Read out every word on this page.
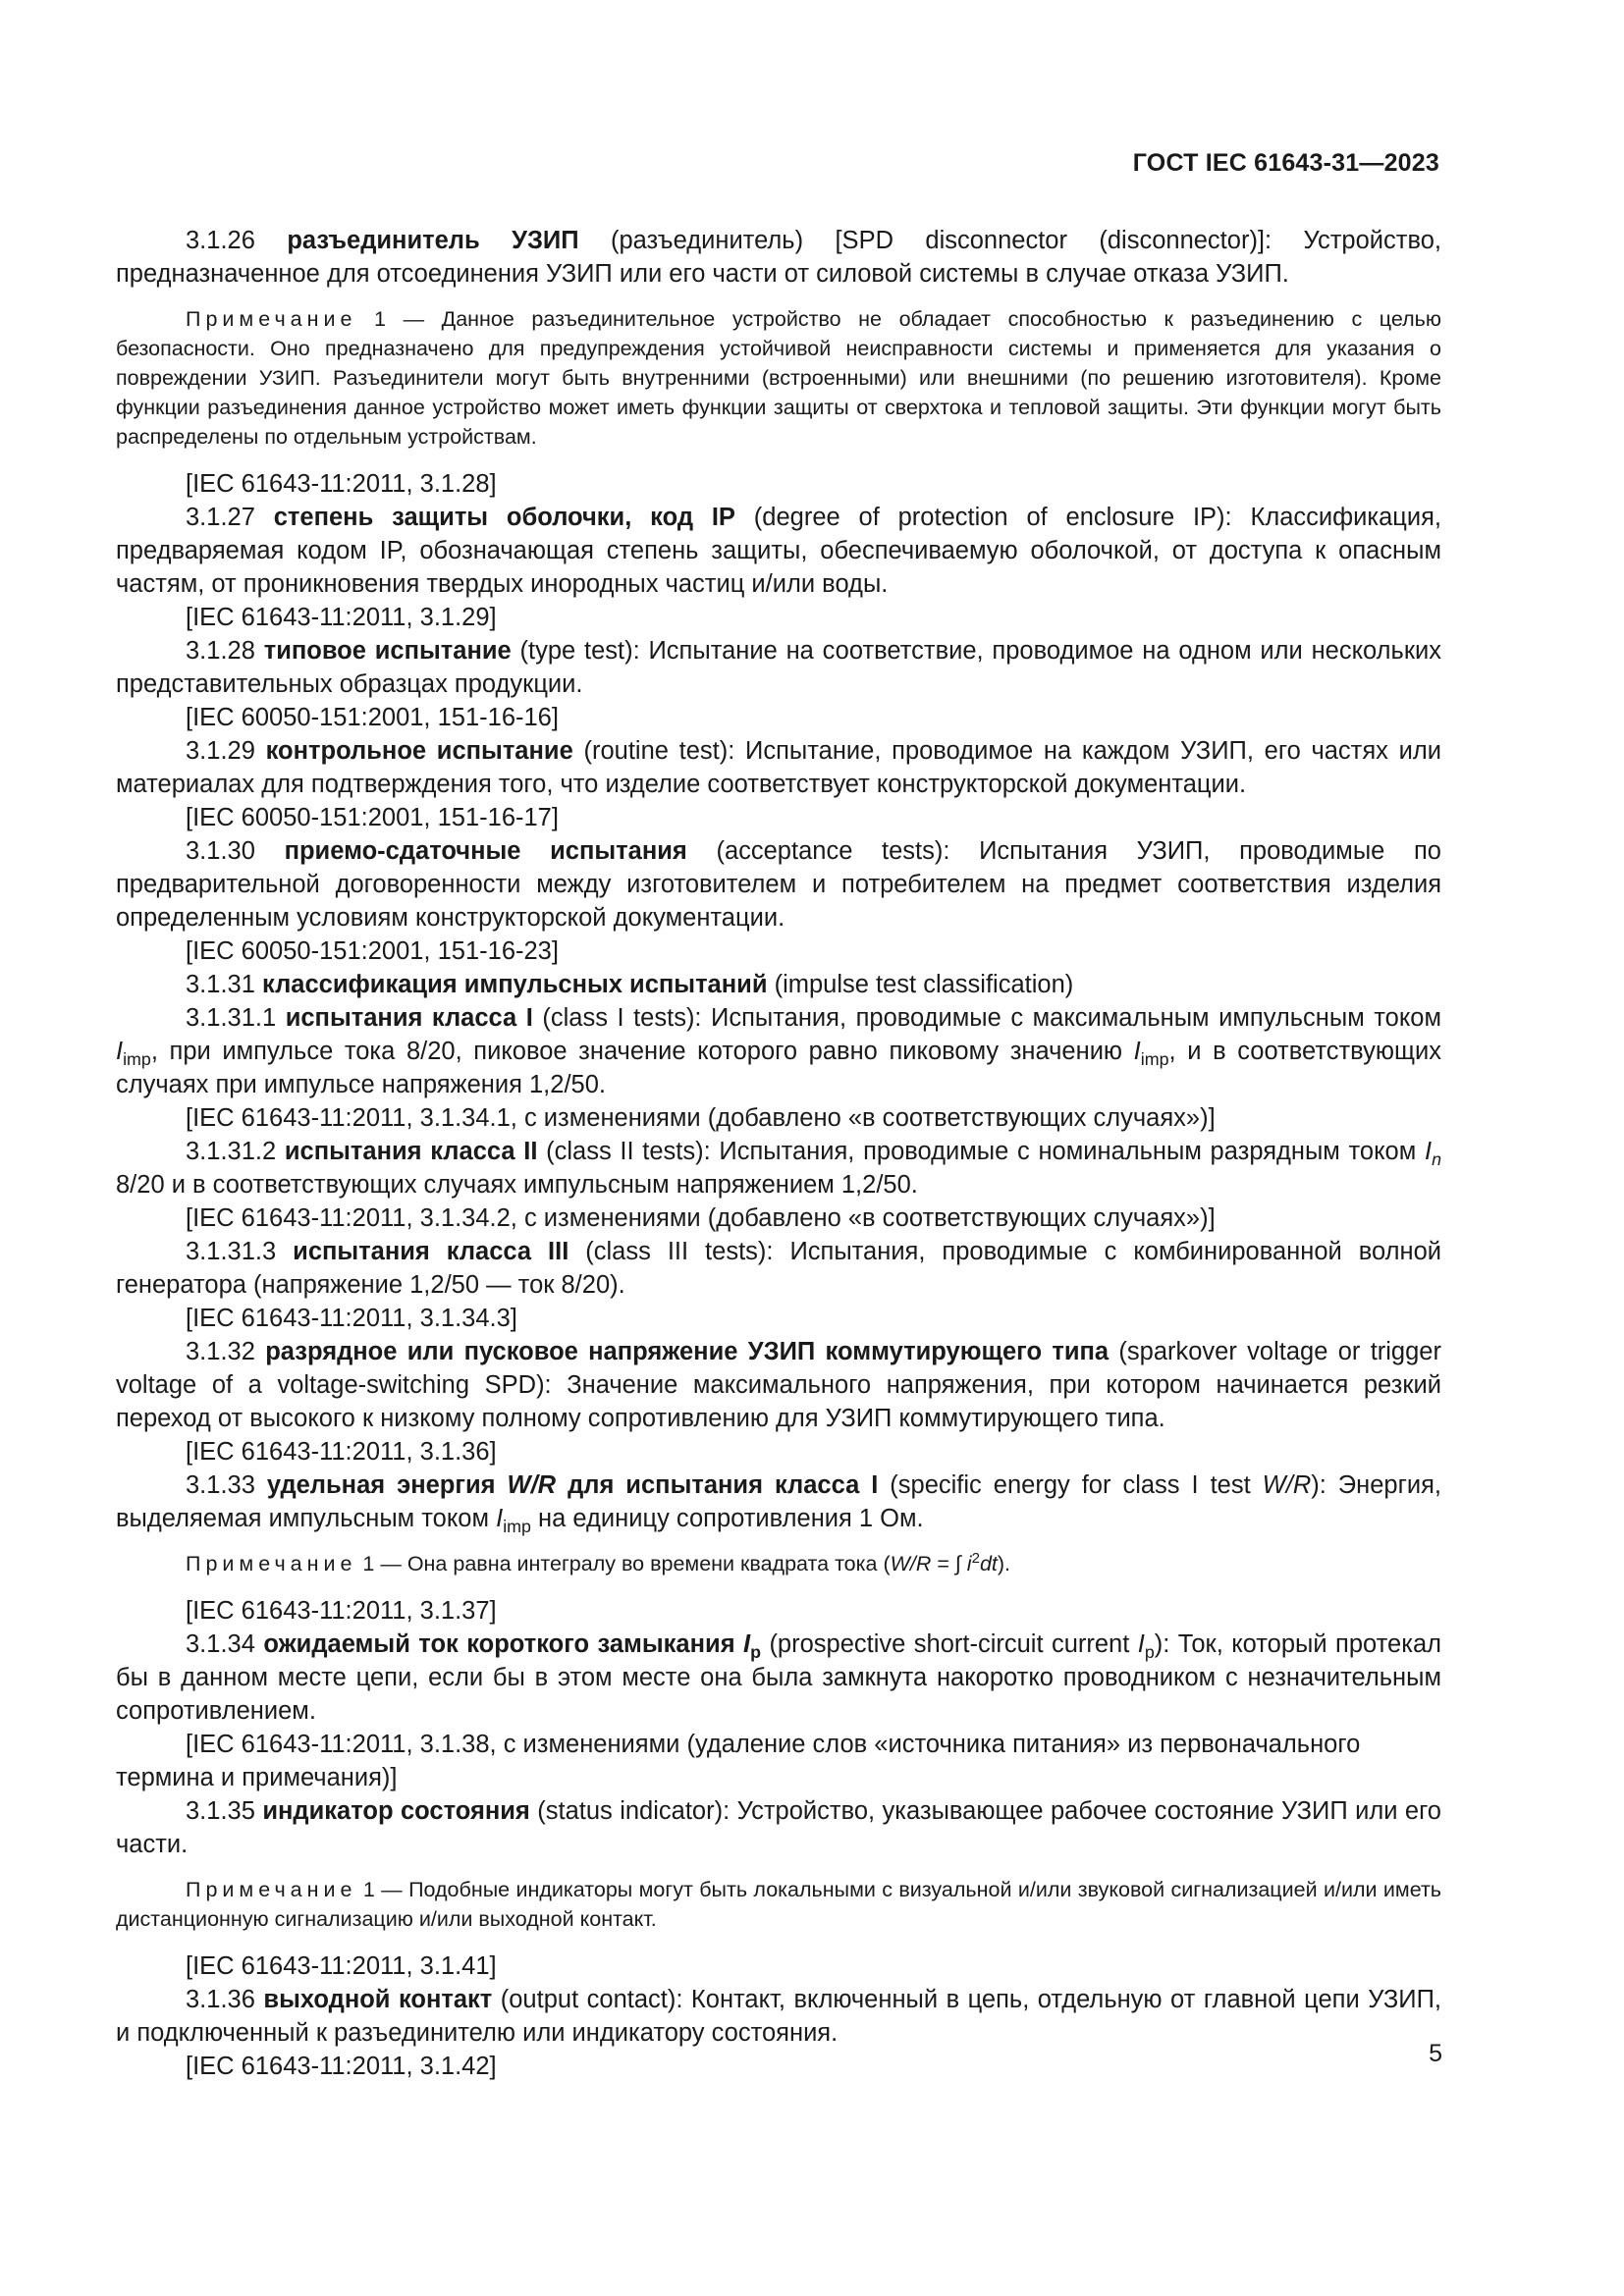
ГОСТ IEC 61643-31—2023

3.1.26 разъединитель УЗИП (разъединитель) [SPD disconnector (disconnector)]: Устройство, предназначенное для отсоединения УЗИП или его части от силовой системы в случае отказа УЗИП.

Примечание 1 — Данное разъединительное устройство не обладает способностью к разъединению с целью безопасности. Оно предназначено для предупреждения устойчивой неисправности системы и применяется для указания о повреждении УЗИП. Разъединители могут быть внутренними (встроенными) или внешними (по решению изготовителя). Кроме функции разъединения данное устройство может иметь функции защиты от сверхтока и тепловой защиты. Эти функции могут быть распределены по отдельным устройствам.

[IEC 61643-11:2011, 3.1.28]

3.1.27 степень защиты оболочки, код IP (degree of protection of enclosure IP): Классификация, предваряемая кодом IP, обозначающая степень защиты, обеспечиваемую оболочкой, от доступа к опасным частям, от проникновения твердых инородных частиц и/или воды.

[IEC 61643-11:2011, 3.1.29]

3.1.28 типовое испытание (type test): Испытание на соответствие, проводимое на одном или нескольких представительных образцах продукции.

[IEC 60050-151:2001, 151-16-16]

3.1.29 контрольное испытание (routine test): Испытание, проводимое на каждом УЗИП, его частях или материалах для подтверждения того, что изделие соответствует конструкторской документации.

[IEC 60050-151:2001, 151-16-17]

3.1.30 приемо-сдаточные испытания (acceptance tests): Испытания УЗИП, проводимые по предварительной договоренности между изготовителем и потребителем на предмет соответствия изделия определенным условиям конструкторской документации.

[IEC 60050-151:2001, 151-16-23]

3.1.31 классификация импульсных испытаний (impulse test classification)

3.1.31.1 испытания класса I (class I tests): Испытания, проводимые с максимальным импульсным током $I_{imp}$, при импульсе тока 8/20, пиковое значение которого равно пиковому значению $I_{imp}$, и в соответствующих случаях при импульсе напряжения 1,2/50.

[IEC 61643-11:2011, 3.1.34.1, с изменениями (добавлено «в соответствующих случаях»)]

3.1.31.2 испытания класса II (class II tests): Испытания, проводимые с номинальным разрядным током $I_n$ 8/20 и в соответствующих случаях импульсным напряжением 1,2/50.

[IEC 61643-11:2011, 3.1.34.2, с изменениями (добавлено «в соответствующих случаях»)]

3.1.31.3 испытания класса III (class III tests): Испытания, проводимые с комбинированной волной генератора (напряжение 1,2/50 — ток 8/20).

[IEC 61643-11:2011, 3.1.34.3]

3.1.32 разрядное или пусковое напряжение УЗИП коммутирующего типа (sparkover voltage or trigger voltage of a voltage-switching SPD): Значение максимального напряжения, при котором начинается резкий переход от высокого к низкому полному сопротивлению для УЗИП коммутирующего типа.

[IEC 61643-11:2011, 3.1.36]

3.1.33 удельная энергия W/R для испытания класса I (specific energy for class I test W/R): Энергия, выделяемая импульсным током $I_{imp}$ на единицу сопротивления 1 Ом.

Примечание 1 — Она равна интегралу во времени квадрата тока (W/R = ∫ $i^2dt$).

[IEC 61643-11:2011, 3.1.37]

3.1.34 ожидаемый ток короткого замыкания $I_p$ (prospective short-circuit current $I_p$): Ток, который протекал бы в данном месте цепи, если бы в этом месте она была замкнута накоротко проводником с незначительным сопротивлением.

[IEC 61643-11:2011, 3.1.38, с изменениями (удаление слов «источника питания» из первоначального термина и примечания)]

3.1.35 индикатор состояния (status indicator): Устройство, указывающее рабочее состояние УЗИП или его части.

Примечание 1 — Подобные индикаторы могут быть локальными с визуальной и/или звуковой сигнализацией и/или иметь дистанционную сигнализацию и/или выходной контакт.

[IEC 61643-11:2011, 3.1.41]

3.1.36 выходной контакт (output contact): Контакт, включенный в цепь, отдельную от главной цепи УЗИП, и подключенный к разъединителю или индикатору состояния.

[IEC 61643-11:2011, 3.1.42]	5
